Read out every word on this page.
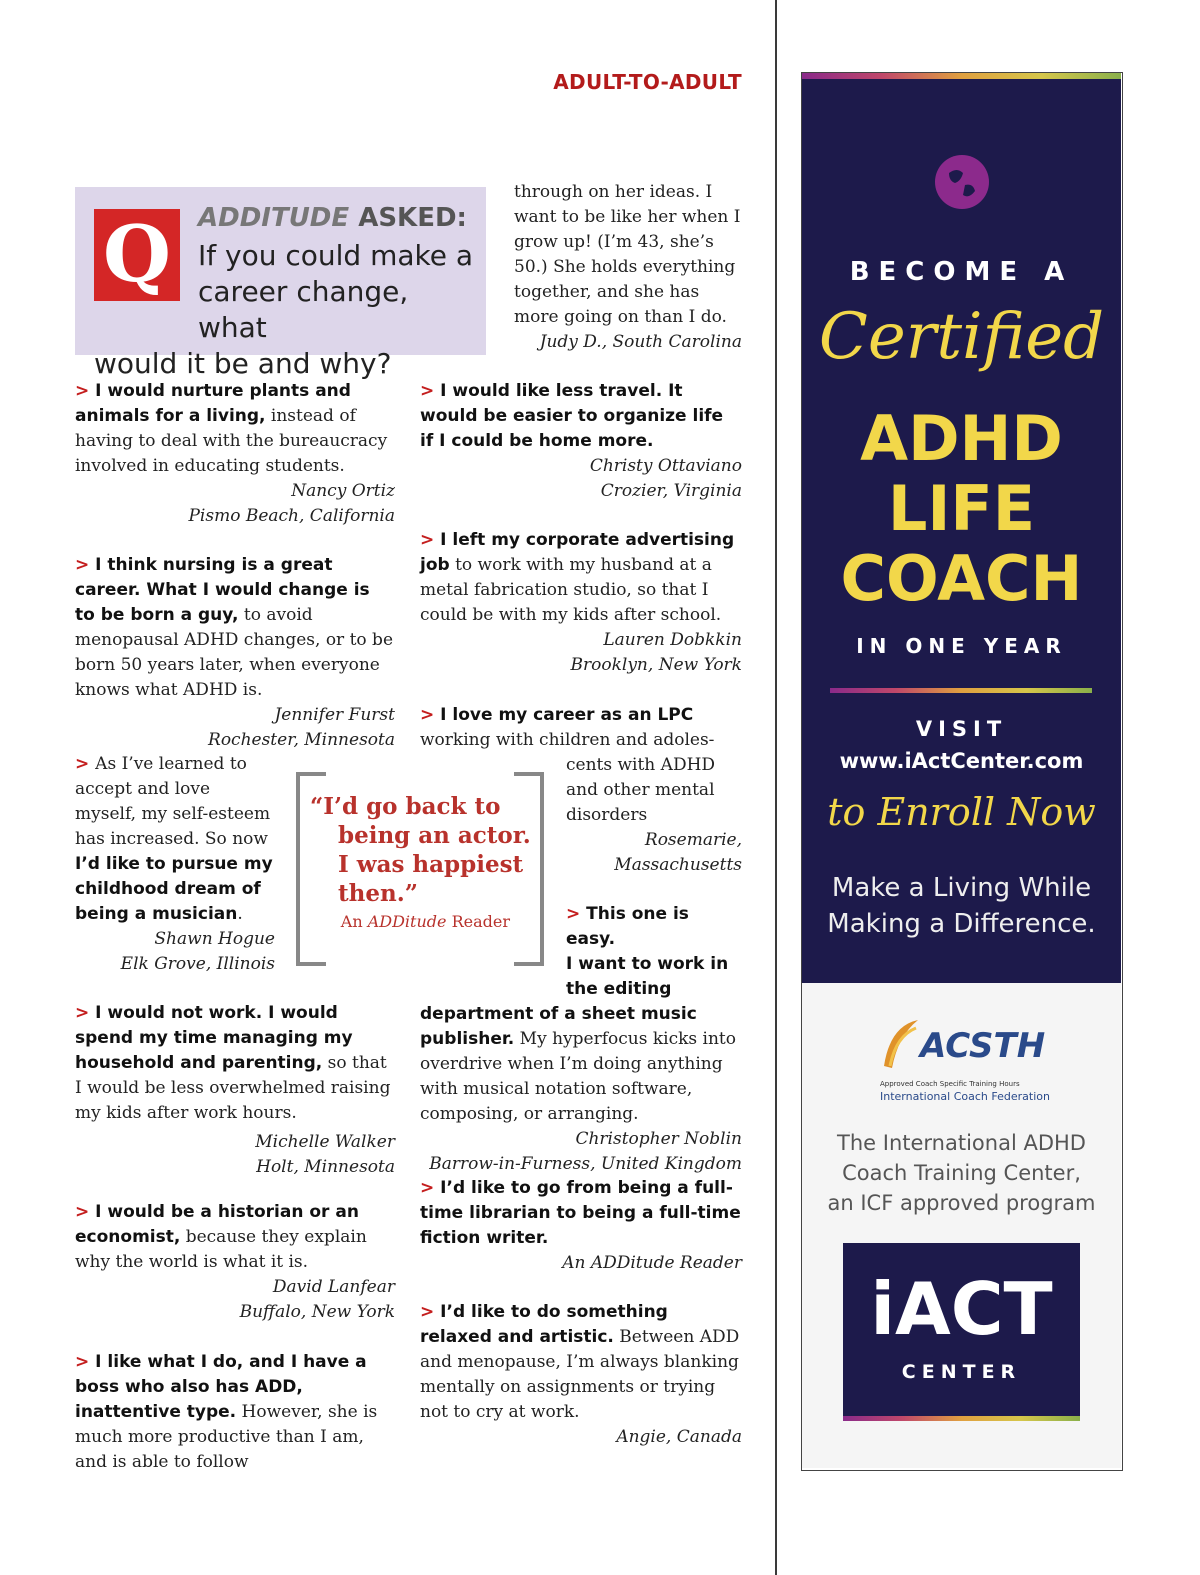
ADULT-TO-ADULT
Q	ADDITUDE ASKED:
If you could make a
career change, what
would it be and why?
through on her ideas. I want to be like her when I grow up! (I’m 43, she’s 50.) She holds everything together, and she has more going on than I do.
Judy D., South Carolina
> I would nurture plants and animals for a living, instead of having to deal with the bureaucracy involved in educating students.
Nancy Ortiz
Pismo Beach, California
> I think nursing is a great career. What I would change is to be born a guy, to avoid menopausal ADHD changes, or to be born 50 years later, when everyone knows what ADHD is.
Jennifer Furst
Rochester, Minnesota
> As I’ve learned to accept and love myself, my self-esteem has increased. So now I’d like to pursue my childhood dream of being a musician.
Shawn Hogue
Elk Grove, Illinois
> I would not work. I would spend my time managing my household and parenting, so that I would be less overwhelmed raising my kids after work hours.
Michelle Walker
Holt, Minnesota
> I would be a historian or an economist, because they explain why the world is what it is.
David Lanfear
Buffalo, New York
> I like what I do, and I have a boss who also has ADD, inattentive type. However, she is much more productive than I am, and is able to follow
> I would like less travel. It would be easier to organize life if I could be home more.
Christy Ottaviano
Crozier, Virginia
> I left my corporate advertising job to work with my husband at a metal fabrication studio, so that I could be with my kids after school.
Lauren Dobkkin
Brooklyn, New York
> I love my career as an LPC
working with children and adoles-
cents with ADHD
and other mental
disorders
Rosemarie,
Massachusetts
> This one is easy.
I want to work in
the editing
department of a sheet music publisher. My hyperfocus kicks into overdrive when I’m doing anything with musical notation software, composing, or arranging.
Christopher Noblin
Barrow-in-Furness, United Kingdom
> I’d like to go from being a full-time librarian to being a full-time fiction writer.
An ADDitude Reader
> I’d like to do something relaxed and artistic. Between ADD and menopause, I’m always blanking mentally on assignments or trying not to cry at work.
Angie, Canada
“I’d go back to
being an actor.
I was happiest
then.”
An ADDitude Reader
BECOME A
Certified
ADHD
LIFE
COACH
IN ONE YEAR
VISIT
www.iActCenter.com
to Enroll Now
Make a Living While
Making a Difference.
ACSTH
Approved Coach Specific Training Hours
International Coach Federation
The International ADHD
Coach Training Center,
an ICF approved program
iACT
CENTER
